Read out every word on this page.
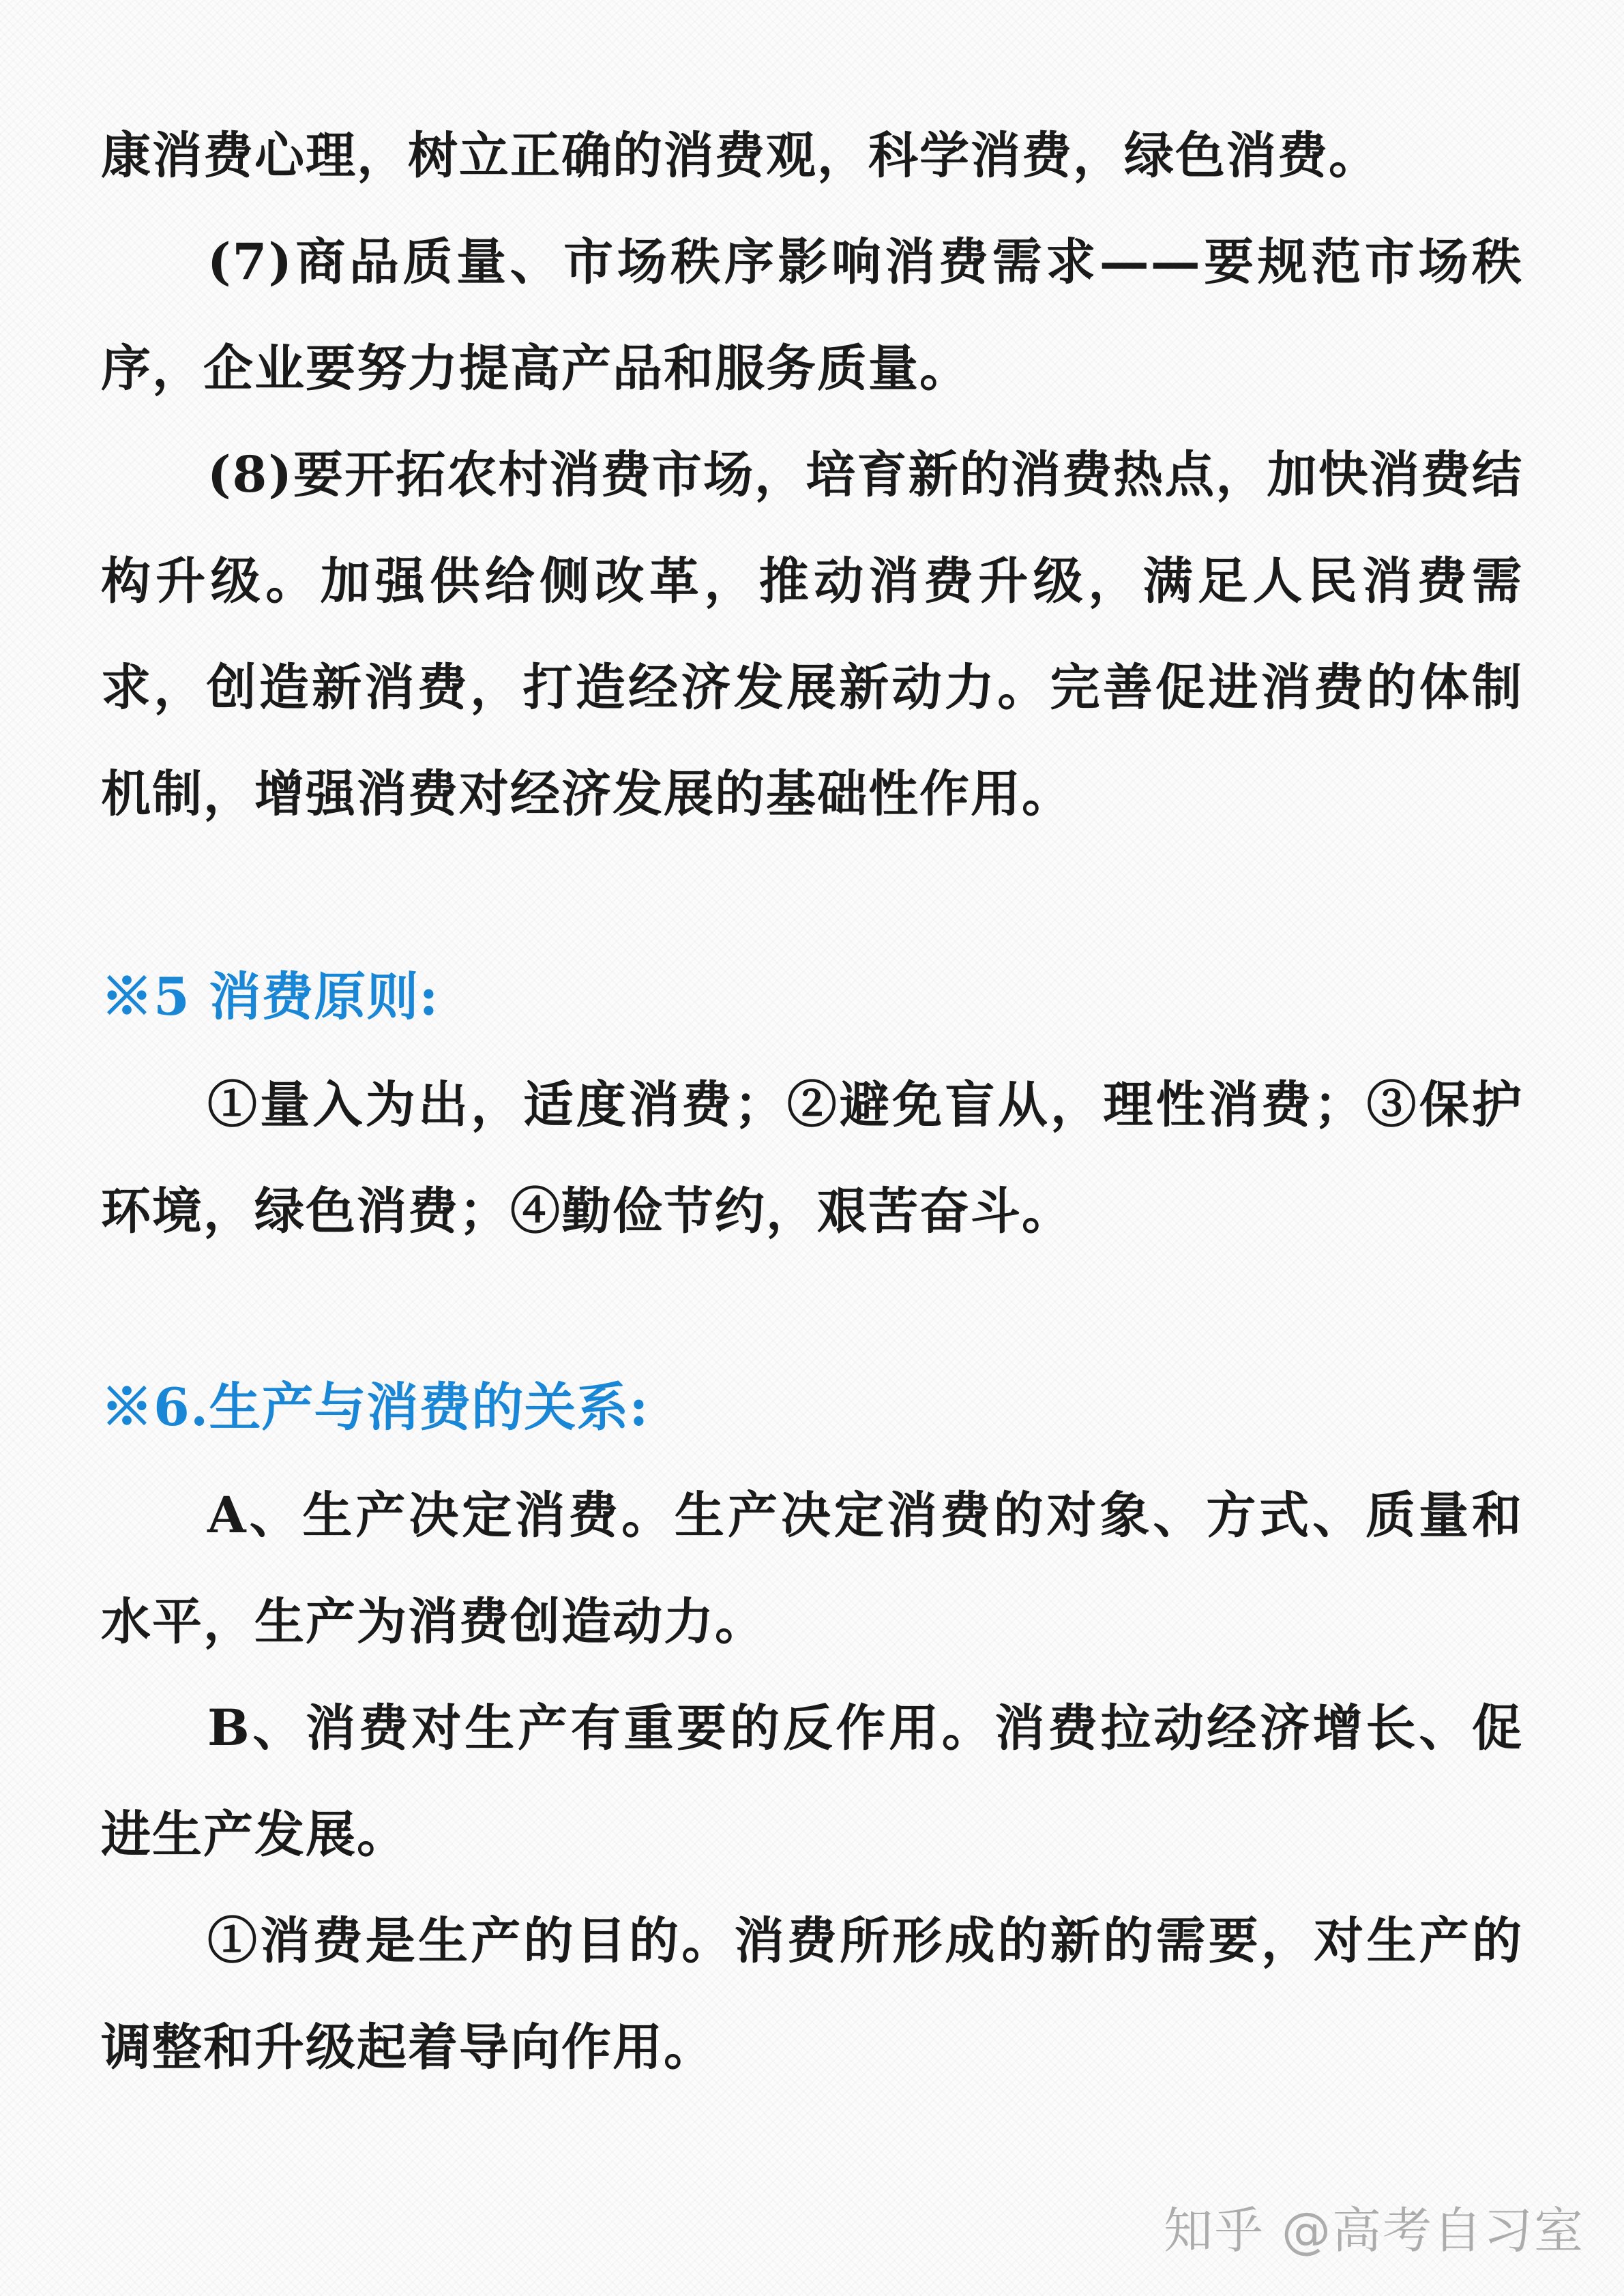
康消费心理，树立正确的消费观，科学消费，绿色消费。

(7)商品质量、市场秩序影响消费需求——要规范市场秩序，企业要努力提高产品和服务质量。

(8)要开拓农村消费市场，培育新的消费热点，加快消费结构升级。加强供给侧改革，推动消费升级，满足人民消费需求，创造新消费，打造经济发展新动力。完善促进消费的体制机制，增强消费对经济发展的基础性作用。

※5 消费原则:

①量入为出，适度消费；②避免盲从，理性消费；③保护环境，绿色消费；④勤俭节约，艰苦奋斗。

※6.生产与消费的关系:

A、生产决定消费。生产决定消费的对象、方式、质量和水平，生产为消费创造动力。

B、消费对生产有重要的反作用。消费拉动经济增长、促进生产发展。

①消费是生产的目的。消费所形成的新的需要，对生产的调整和升级起着导向作用。

知乎 @高考自习室
